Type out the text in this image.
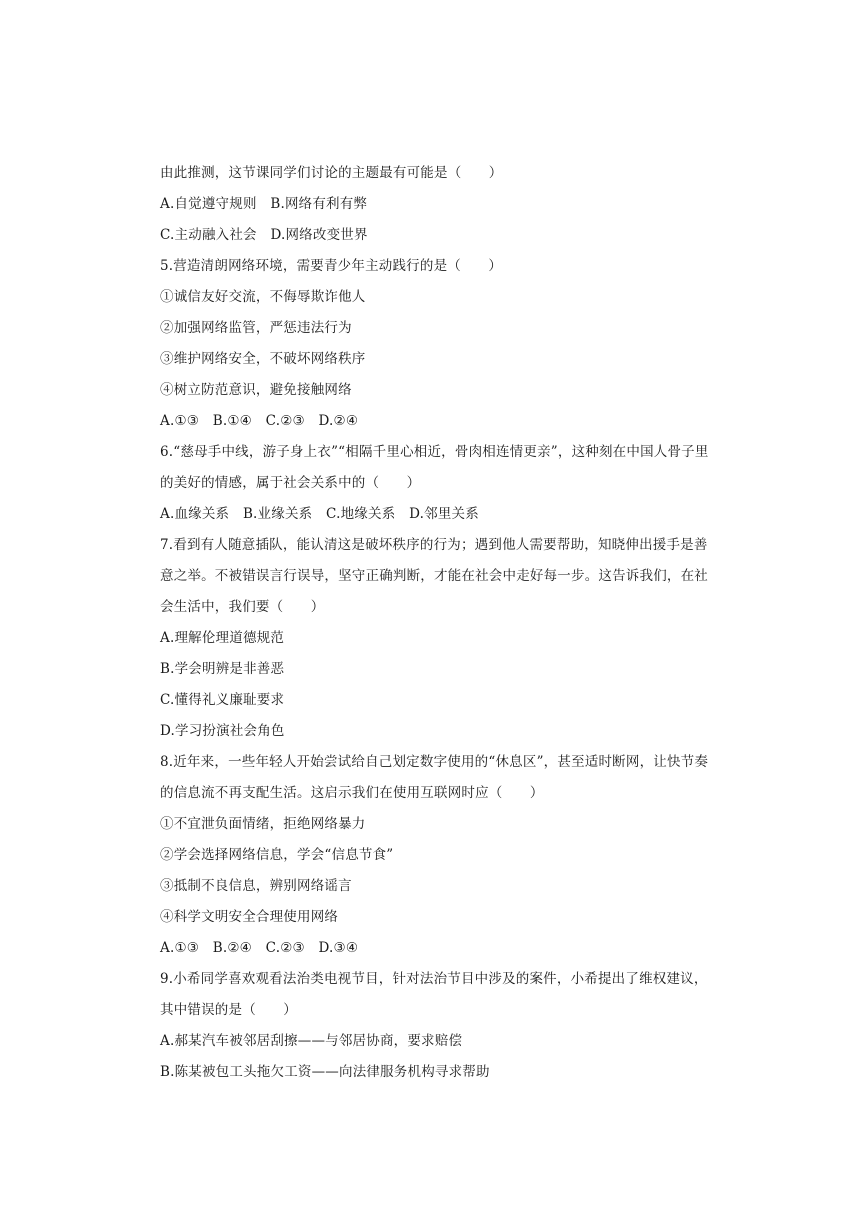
由此推测，这节课同学们讨论的主题最有可能是（　　）
A.自觉遵守规则　B.网络有利有弊
C.主动融入社会　D.网络改变世界
5.营造清朗网络环境，需要青少年主动践行的是（　　）
①诚信友好交流，不侮辱欺诈他人
②加强网络监管，严惩违法行为
③维护网络安全，不破坏网络秩序
④树立防范意识，避免接触网络
A.①③　B.①④　C.②③　D.②④
6.“慈母手中线，游子身上衣”“相隔千里心相近，骨肉相连情更亲”，这种刻在中国人骨子里
的美好的情感，属于社会关系中的（　　）
A.血缘关系　B.业缘关系　C.地缘关系　D.邻里关系
7.看到有人随意插队，能认清这是破坏秩序的行为；遇到他人需要帮助，知晓伸出援手是善
意之举。不被错误言行误导，坚守正确判断，才能在社会中走好每一步。这告诉我们，在社
会生活中，我们要（　　）
A.理解伦理道德规范
B.学会明辨是非善恶
C.懂得礼义廉耻要求
D.学习扮演社会角色
8.近年来，一些年轻人开始尝试给自己划定数字使用的“休息区”，甚至适时断网，让快节奏
的信息流不再支配生活。这启示我们在使用互联网时应（　　）
①不宜泄负面情绪，拒绝网络暴力
②学会选择网络信息，学会“信息节食”
③抵制不良信息，辨别网络谣言
④科学文明安全合理使用网络
A.①③　B.②④　C.②③　D.③④
9.小希同学喜欢观看法治类电视节目，针对法治节目中涉及的案件，小希提出了维权建议，
其中错误的是（　　）
A.郝某汽车被邻居刮擦——与邻居协商，要求赔偿
B.陈某被包工头拖欠工资——向法律服务机构寻求帮助
